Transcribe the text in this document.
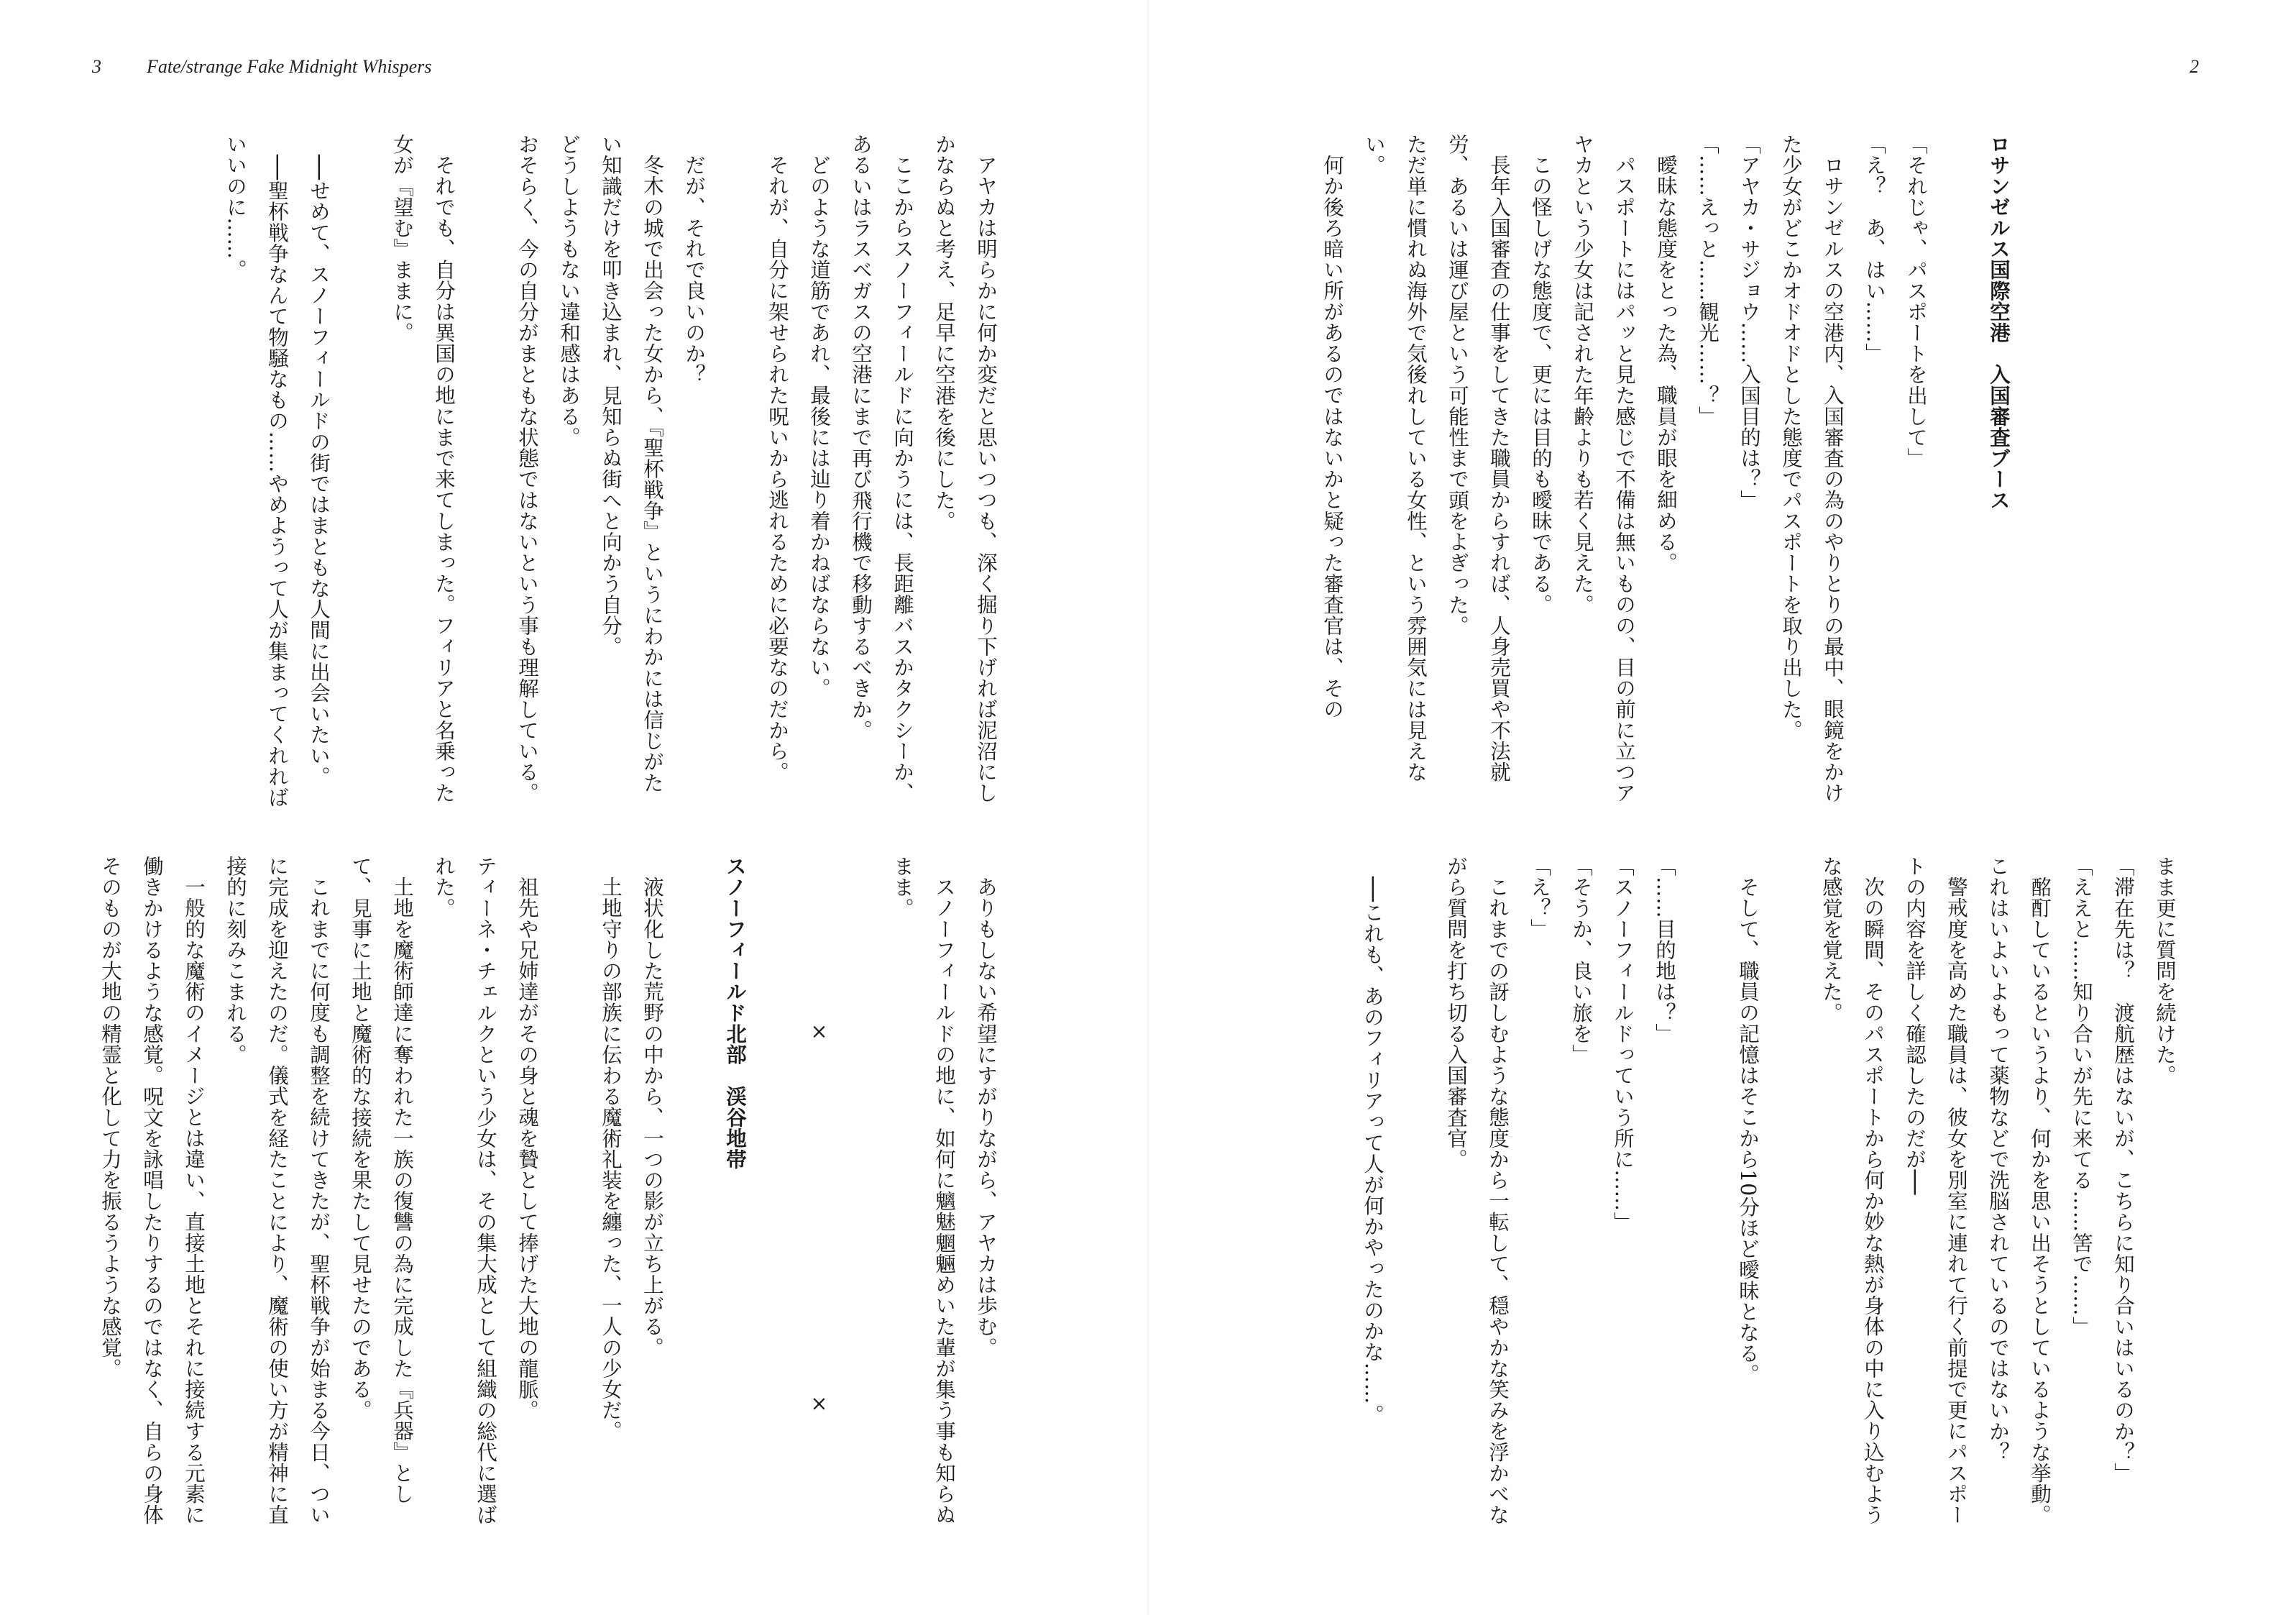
3 Fate/strange Fake Midnight Whispers	2

ロサンゼルス国際空港　入国審査ブース

「それじゃ、パスポートを出して」

「え？　あ、はい……」

ロサンゼルスの空港内、入国審査の為のやりとりの最中、眼鏡をかけた少女がどこかオドオドとした態度でパスポートを取り出した。

「アヤカ・サジョウ……入国目的は？」

「……えっと……観光……？」

曖昧な態度をとった為、職員が眼を細める。

パスポートにはパッと見た感じで不備は無いものの、目の前に立つアヤカという少女は記された年齢よりも若く見えた。

この怪しげな態度で、更には目的も曖昧である。

長年入国審査の仕事をしてきた職員からすれば、人身売買や不法就労、あるいは運び屋という可能性まで頭をよぎった。

ただ単に慣れぬ海外で気後れしている女性、という雰囲気には見えない。

何か後ろ暗い所があるのではないかと疑った審査官は、その

まま更に質問を続けた。

「滞在先は？　渡航歴はないが、こちらに知り合いはいるのか？」

「ええと……知り合いが先に来てる……筈で……」

酩酊しているというより、何かを思い出そうとしているような挙動。これはいよいよもって薬物などで洗脳されているのではないか？

警戒度を高めた職員は、彼女を別室に連れて行く前提で更にパスポートの内容を詳しく確認したのだが──

次の瞬間、そのパスポートから何か妙な熱が身体の中に入り込むような感覚を覚えた。

そして、職員の記憶はそこから10分ほど曖昧となる。

「……目的地は？」

「スノーフィールドっていう所に……」

「そうか、良い旅を」

「え？」

これまでの訝しむような態度から一転して、穏やかな笑みを浮かべながら質問を打ち切る入国審査官。

──これも、あのフィリアって人が何かやったのかな……。

アヤカは明らかに何か変だと思いつつも、深く掘り下げれば泥沼にしかならぬと考え、足早に空港を後にした。

ここからスノーフィールドに向かうには、長距離バスかタクシーか、あるいはラスベガスの空港にまで再び飛行機で移動するべきか。

どのような道筋であれ、最後には辿り着かねばならない。

それが、自分に架せられた呪いから逃れるために必要なのだから。

だが、それで良いのか？

冬木の城で出会った女から、『聖杯戦争』というにわかには信じがたい知識だけを叩き込まれ、見知らぬ街へと向かう自分。

どうしようもない違和感はある。

おそらく、今の自分がまともな状態ではないという事も理解している。

それでも、自分は異国の地にまで来てしまった。フィリアと名乗った女が『望む』ままに。

──せめて、スノーフィールドの街ではまともな人間に出会いたい。

──聖杯戦争なんて物騒なもの……やめようって人が集まってくれればいいのに……。

ありもしない希望にすがりながら、アヤカは歩む。

スノーフィールドの地に、如何に魑魅魍魎めいた輩が集う事も知らぬまま。

×　　×

スノーフィールド北部　渓谷地帯

液状化した荒野の中から、一つの影が立ち上がる。

土地守りの部族に伝わる魔術礼装を纏った、一人の少女だ。

祖先や兄姉達がその身と魂を贄として捧げた大地の龍脈。

ティーネ・チェルクという少女は、その集大成として組織の総代に選ばれた。

土地を魔術師達に奪われた一族の復讐の為に完成した『兵器』として、見事に土地と魔術的な接続を果たして見せたのである。

これまでに何度も調整を続けてきたが、聖杯戦争が始まる今日、ついに完成を迎えたのだ。儀式を経たことにより、魔術の使い方が精神に直接的に刻みこまれる。

一般的な魔術のイメージとは違い、直接土地とそれに接続する元素に働きかけるような感覚。呪文を詠唱したりするのではなく、自らの身体そのものが大地の精霊と化して力を振るうような感覚。
